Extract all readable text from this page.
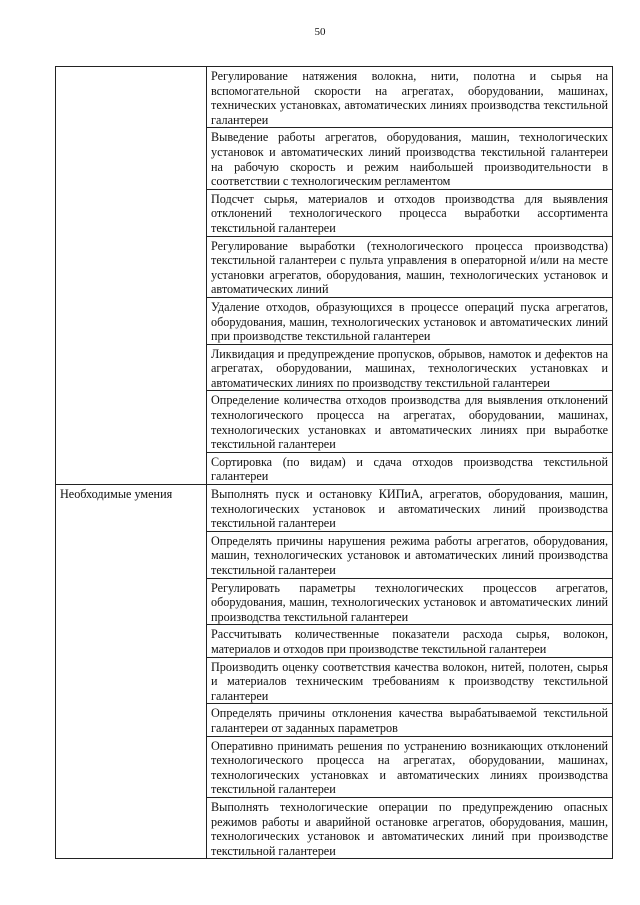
50
	Регулирование натяжения волокна, нити, полотна и сырья на вспомогательной скорости на агрегатах, оборудовании, машинах, технических установках, автоматических линиях производства текстильной галантереи
	Выведение работы агрегатов, оборудования, машин, технологических установок и автоматических линий производства текстильной галантереи на рабочую скорость и режим наибольшей производительности в соответствии с технологическим регламентом
	Подсчет сырья, материалов и отходов производства для выявления отклонений технологического процесса выработки ассортимента текстильной галантереи
	Регулирование выработки (технологического процесса производства) текстильной галантереи с пульта управления в операторной и/или на месте установки агрегатов, оборудования, машин, технологических установок и автоматических линий
	Удаление отходов, образующихся в процессе операций пуска агрегатов, оборудования, машин, технологических установок и автоматических линий при производстве текстильной галантереи
	Ликвидация и предупреждение пропусков, обрывов, намоток и дефектов на агрегатах, оборудовании, машинах, технологических установках и автоматических линиях по производству текстильной галантереи
	Определение количества отходов производства для выявления отклонений технологического процесса на агрегатах, оборудовании, машинах, технологических установках и автоматических линиях при выработке текстильной галантереи
	Сортировка (по видам) и сдача отходов производства текстильной галантереи
Необходимые умения	Выполнять пуск и остановку КИПиА, агрегатов, оборудования, машин, технологических установок и автоматических линий производства текстильной галантереи
	Определять причины нарушения режима работы агрегатов, оборудования, машин, технологических установок и автоматических линий производства текстильной галантереи
	Регулировать параметры технологических процессов агрегатов, оборудования, машин, технологических установок и автоматических линий производства текстильной галантереи
	Рассчитывать количественные показатели расхода сырья, волокон, материалов и отходов при производстве текстильной галантереи
	Производить оценку соответствия качества волокон, нитей, полотен, сырья и материалов техническим требованиям к производству текстильной галантереи
	Определять причины отклонения качества вырабатываемой текстильной галантереи от заданных параметров
	Оперативно принимать решения по устранению возникающих отклонений технологического процесса на агрегатах, оборудовании, машинах, технологических установках и автоматических линиях производства текстильной галантереи
	Выполнять технологические операции по предупреждению опасных режимов работы и аварийной остановке агрегатов, оборудования, машин, технологических установок и автоматических линий при производстве текстильной галантереи
